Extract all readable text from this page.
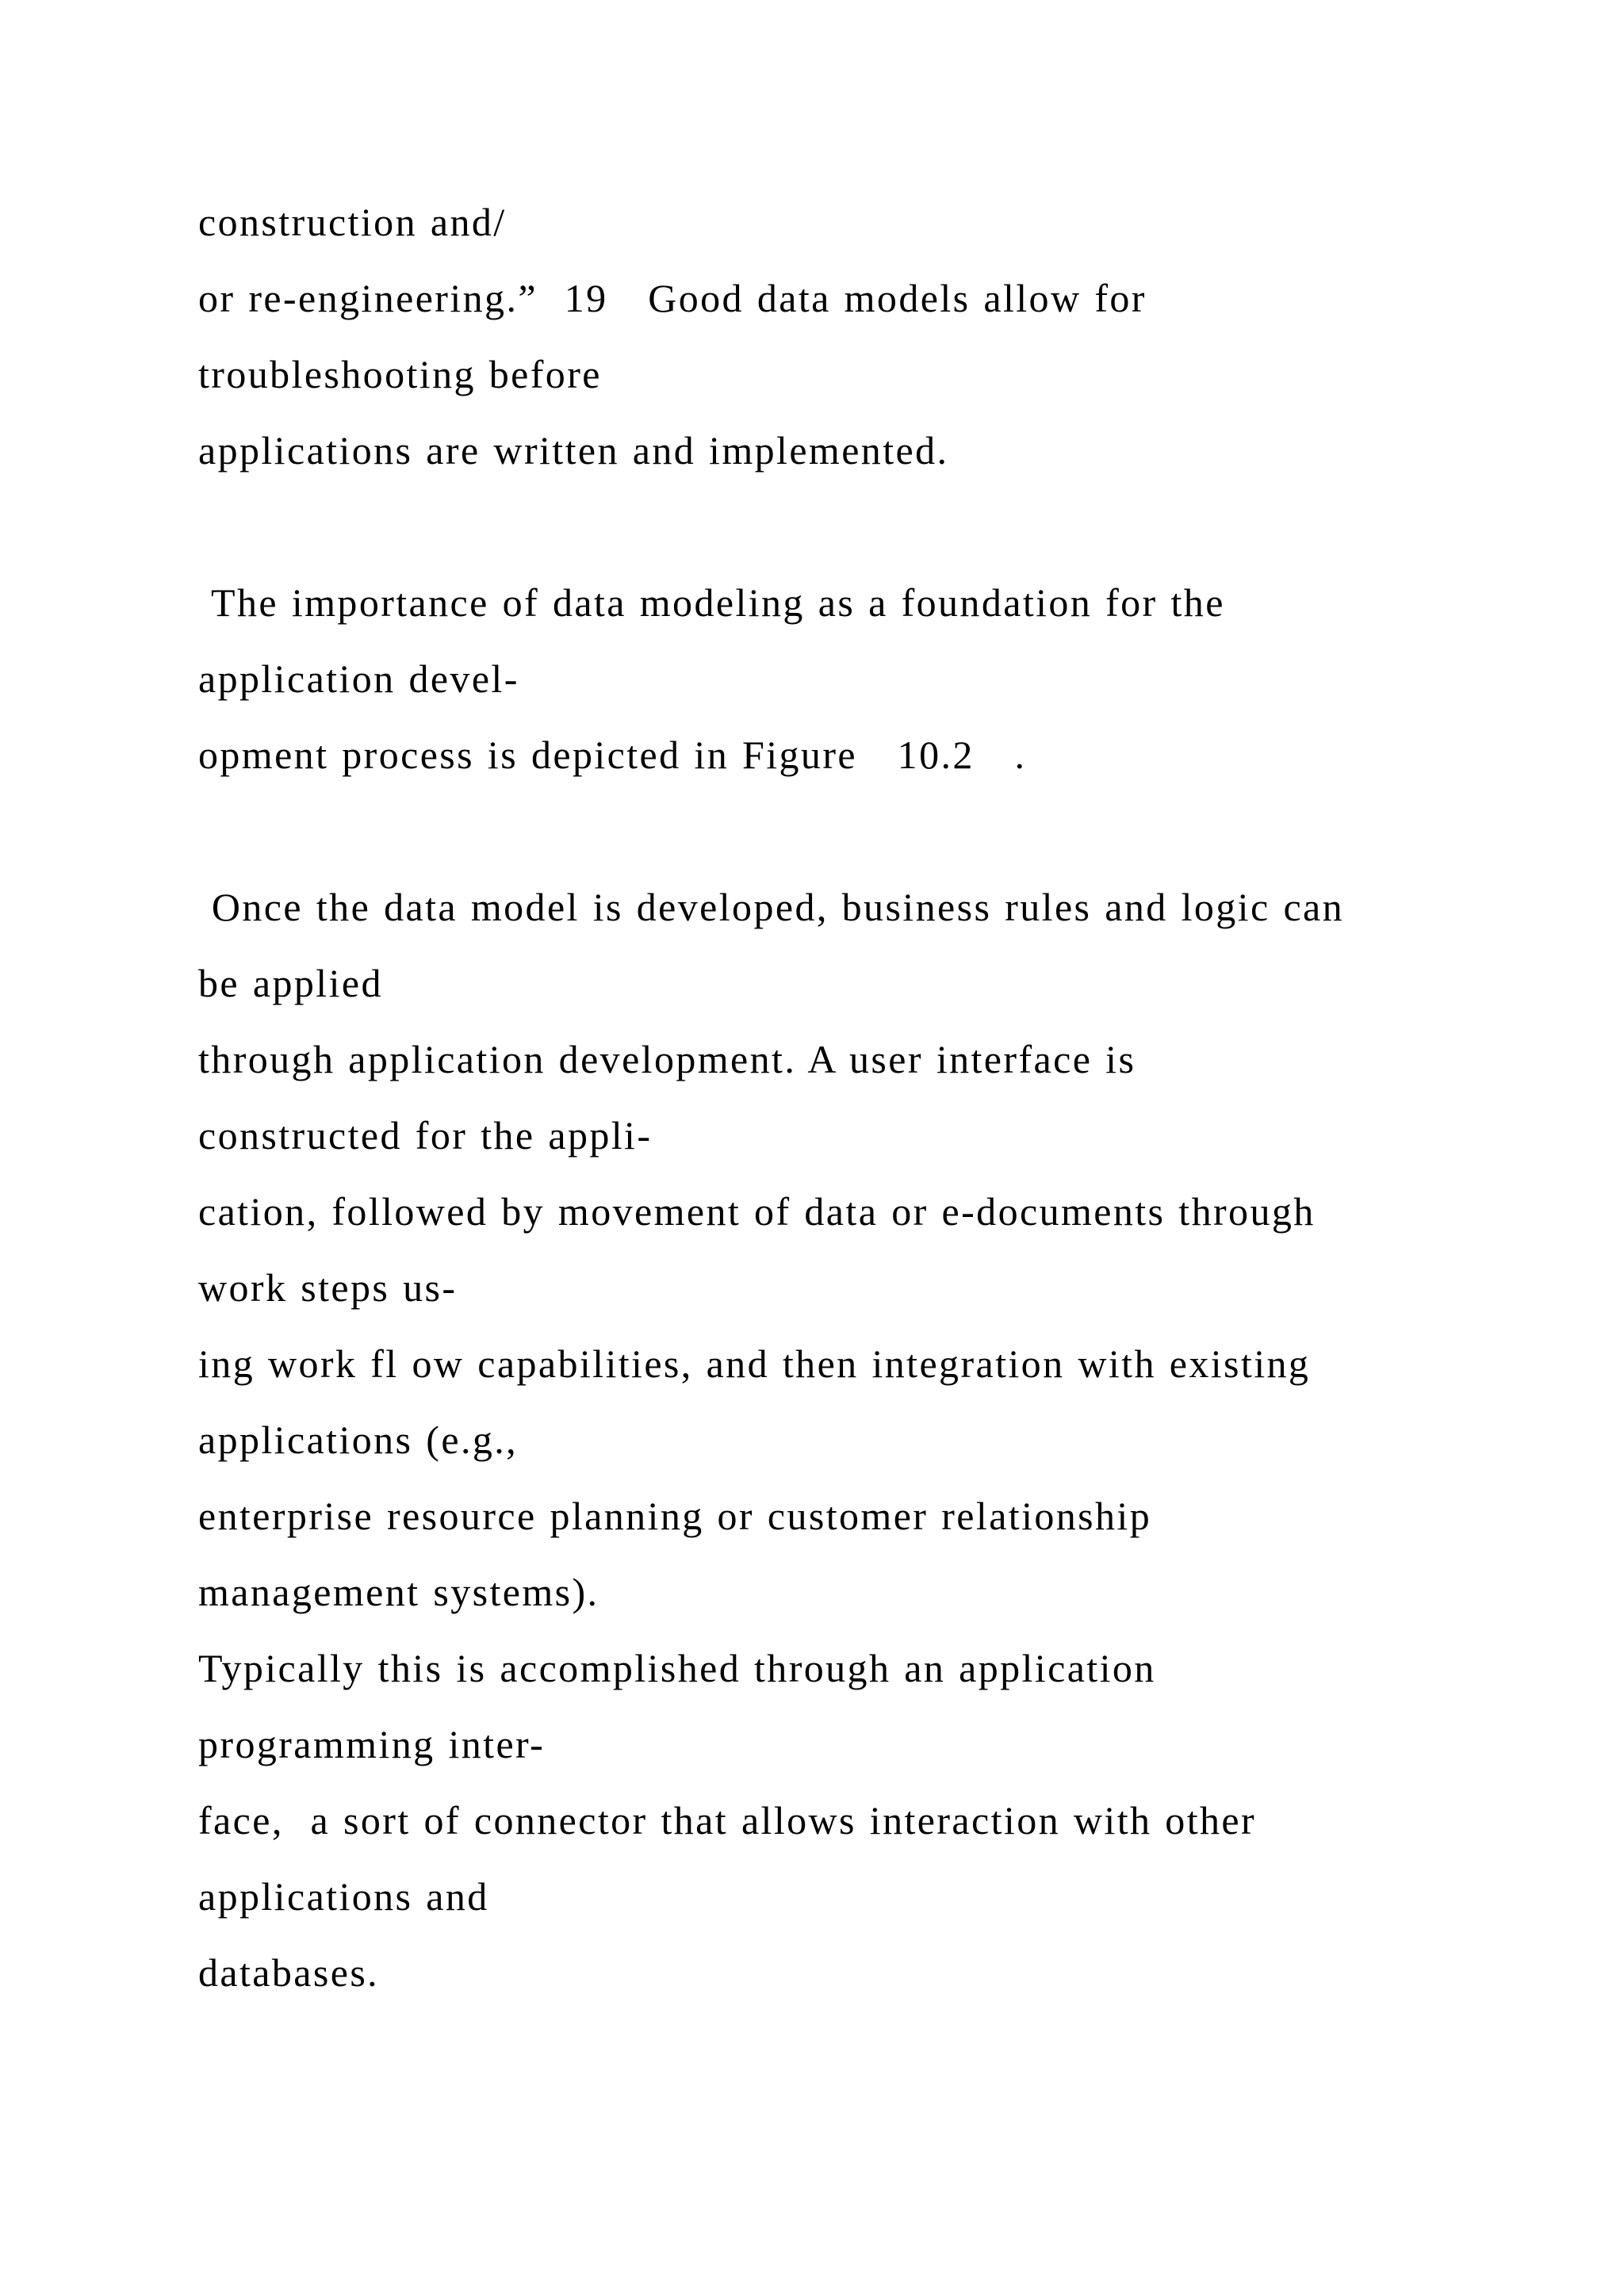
construction and/

or re-engineering.”  19   Good data models allow for

troubleshooting before

applications are written and implemented.

The importance of data modeling as a foundation for the

application devel-

opment process is depicted in Figure   10.2   .

Once the data model is developed, business rules and logic can

be applied

through application development. A user interface is

constructed for the appli-

cation, followed by movement of data or e-documents through

work steps us-

ing work fl ow capabilities, and then integration with existing

applications (e.g.,

enterprise resource planning or customer relationship

management systems).

Typically this is accomplished through an application

programming inter-

face,  a sort of connector that allows interaction with other

applications and

databases.
